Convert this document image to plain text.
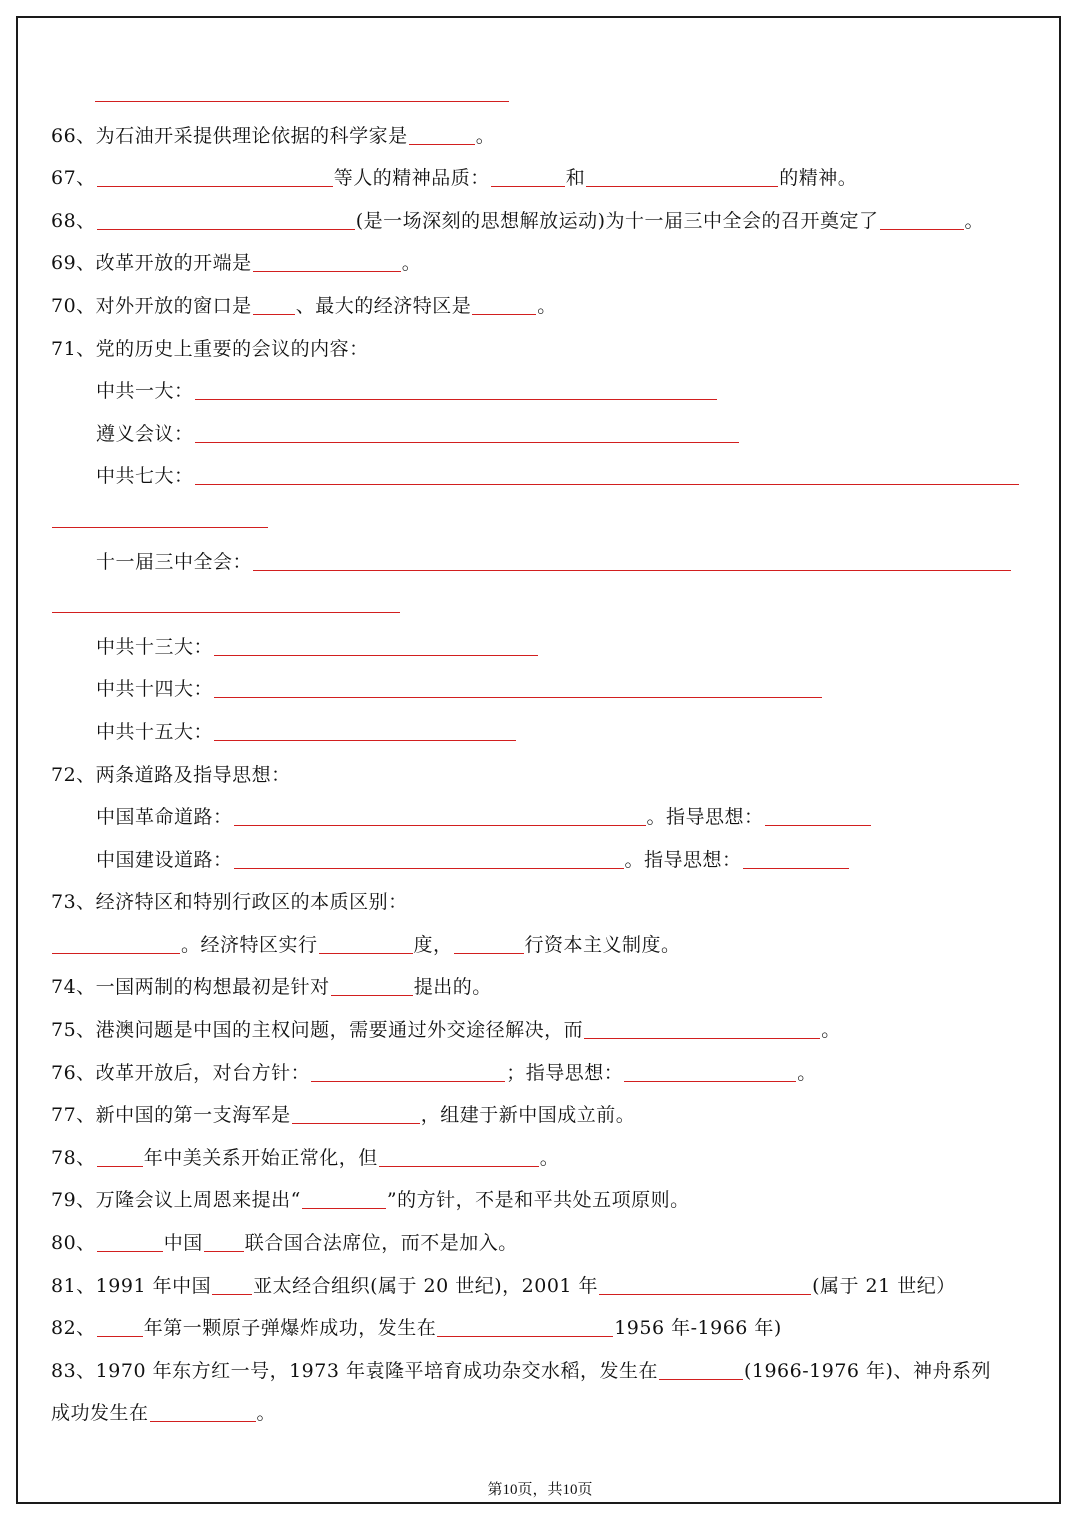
66、为石油开采提供理论依据的科学家是	。
67、	等人的精神品质：	和	的精神。
68、	(是一场深刻的思想解放运动)为十一届三中全会的召开奠定了	。
69、改革开放的开端是	。
70、对外开放的窗口是 、最大的经济特区是	。
71、党的历史上重要的会议的内容：
中共一大：
遵义会议：
中共七大：
十一届三中全会：
中共十三大：
中共十四大：
中共十五大：
72、两条道路及指导思想：
中国革命道路：	。指导思想：
中国建设道路：	。指导思想：
73、经济特区和特别行政区的本质区别：
。经济特区实行	度，	行资本主义制度。
74、一国两制的构想最初是针对	提出的。
75、港澳问题是中国的主权问题，需要通过外交途径解决，而	。
76、改革开放后，对台方针：	；指导思想：	。
77、新中国的第一支海军是	，组建于新中国成立前。
78、	年中美关系开始正常化，但	。
79、万隆会议上周恩来提出“	”的方针，不是和平共处五项原则。
80、	中国 联合国合法席位，而不是加入。
81、1991 年中国 亚太经合组织(属于 20 世纪)，2001 年	(属于 21 世纪）
82、	年第一颗原子弹爆炸成功，发生在	1956 年-1966 年)
83、1970 年东方红一号，1973 年袁隆平培育成功杂交水稻，发生在	(1966-1976 年)、神舟系列
成功发生在	。
第10页，共10页
